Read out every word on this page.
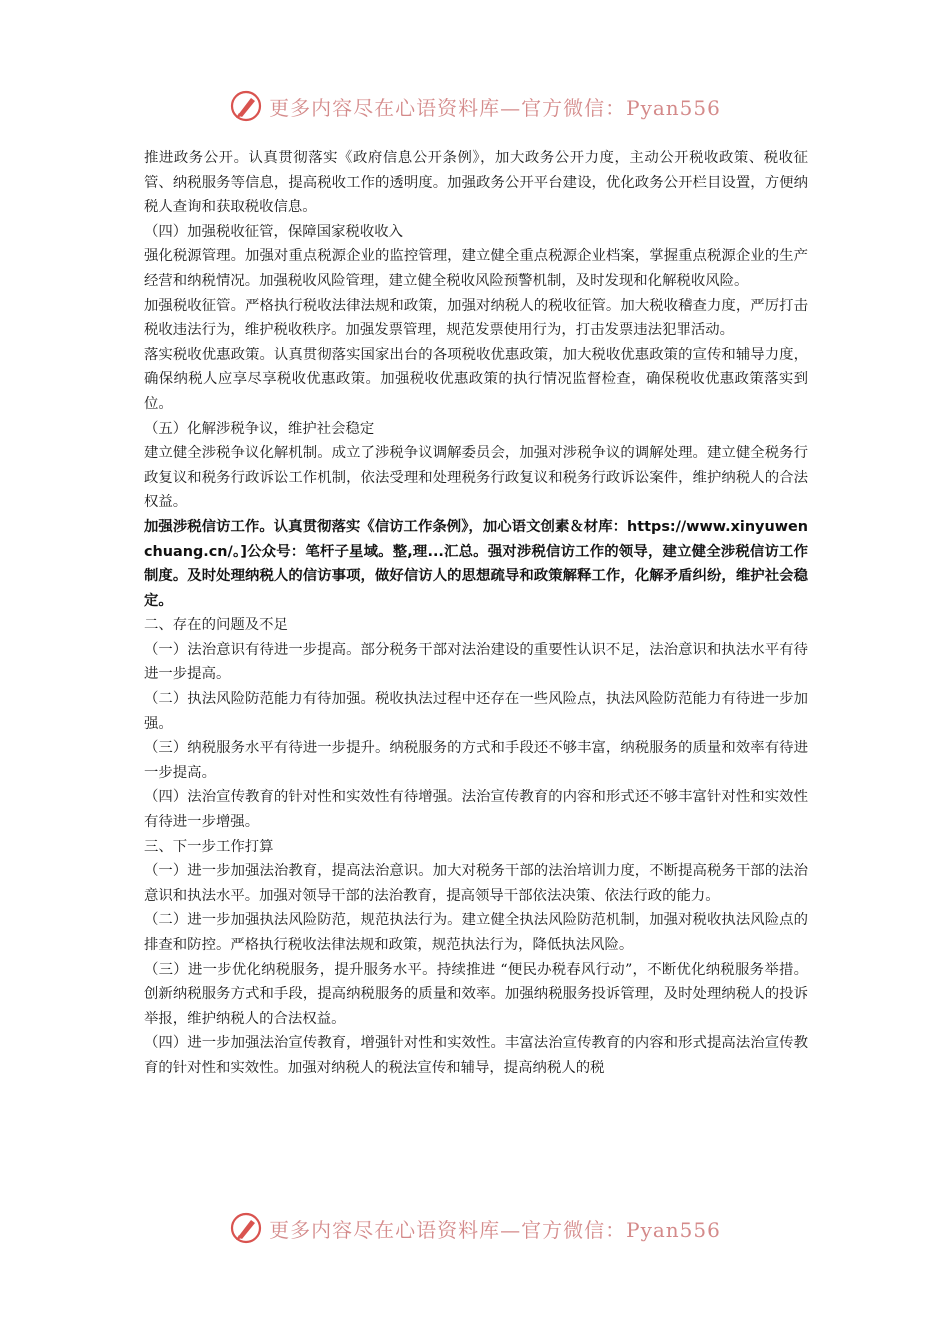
更多内容尽在心语资料库—官方微信：Pyan556

推进政务公开。认真贯彻落实《政府信息公开条例》，加大政务公开力度，主动公开税收政策、税收征管、纳税服务等信息，提高税收工作的透明度。加强政务公开平台建设，优化政务公开栏目设置，方便纳税人查询和获取税收信息。

（四）加强税收征管，保障国家税收收入

强化税源管理。加强对重点税源企业的监控管理，建立健全重点税源企业档案，掌握重点税源企业的生产经营和纳税情况。加强税收风险管理，建立健全税收风险预警机制，及时发现和化解税收风险。

加强税收征管。严格执行税收法律法规和政策，加强对纳税人的税收征管。加大税收稽查力度，严厉打击税收违法行为，维护税收秩序。加强发票管理，规范发票使用行为，打击发票违法犯罪活动。

落实税收优惠政策。认真贯彻落实国家出台的各项税收优惠政策，加大税收优惠政策的宣传和辅导力度，确保纳税人应享尽享税收优惠政策。加强税收优惠政策的执行情况监督检查，确保税收优惠政策落实到位。

（五）化解涉税争议，维护社会稳定

建立健全涉税争议化解机制。成立了涉税争议调解委员会，加强对涉税争议的调解处理。建立健全税务行政复议和税务行政诉讼工作机制，依法受理和处理税务行政复议和税务行政诉讼案件，维护纳税人的合法权益。

加强涉税信访工作。认真贯彻落实《信访工作条例》，加心语文创素＆材库：https://www.xinyuwenchuang.cn/。]公众号：笔杆子星域。整,理...汇总。强对涉税信访工作的领导，建立健全涉税信访工作制度。及时处理纳税人的信访事项，做好信访人的思想疏导和政策解释工作，化解矛盾纠纷，维护社会稳定。

二、存在的问题及不足

（一）法治意识有待进一步提高。部分税务干部对法治建设的重要性认识不足，法治意识和执法水平有待进一步提高。

（二）执法风险防范能力有待加强。税收执法过程中还存在一些风险点，执法风险防范能力有待进一步加强。

（三）纳税服务水平有待进一步提升。纳税服务的方式和手段还不够丰富，纳税服务的质量和效率有待进一步提高。

（四）法治宣传教育的针对性和实效性有待增强。法治宣传教育的内容和形式还不够丰富针对性和实效性有待进一步增强。

三、下一步工作打算

（一）进一步加强法治教育，提高法治意识。加大对税务干部的法治培训力度，不断提高税务干部的法治意识和执法水平。加强对领导干部的法治教育，提高领导干部依法决策、依法行政的能力。

（二）进一步加强执法风险防范，规范执法行为。建立健全执法风险防范机制，加强对税收执法风险点的排查和防控。严格执行税收法律法规和政策，规范执法行为，降低执法风险。

（三）进一步优化纳税服务，提升服务水平。持续推进 “便民办税春风行动”，不断优化纳税服务举措。创新纳税服务方式和手段，提高纳税服务的质量和效率。加强纳税服务投诉管理，及时处理纳税人的投诉举报，维护纳税人的合法权益。

（四）进一步加强法治宣传教育，增强针对性和实效性。丰富法治宣传教育的内容和形式提高法治宣传教育的针对性和实效性。加强对纳税人的税法宣传和辅导，提高纳税人的税

更多内容尽在心语资料库—官方微信：Pyan556
